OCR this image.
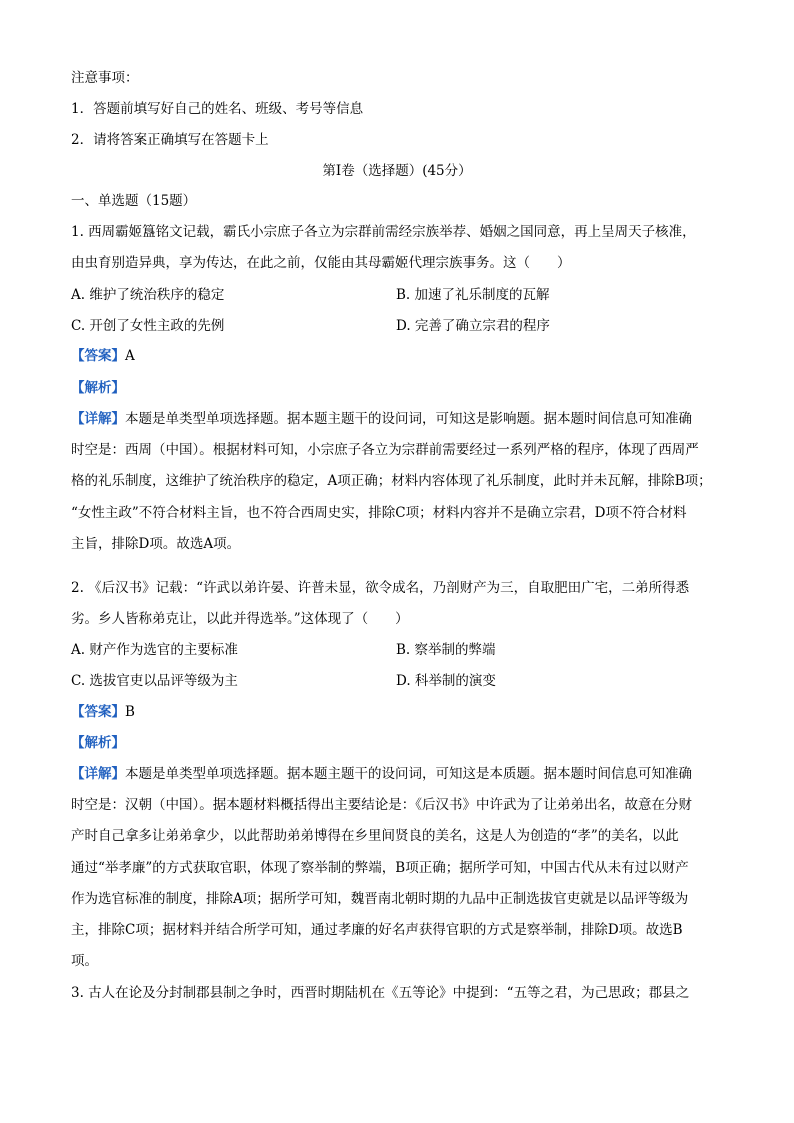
注意事项：
1．答题前填写好自己的姓名、班级、考号等信息
2．请将答案正确填写在答题卡上
第I卷（选择题）(45分）
一、单选题（15题）
1. 西周霸姬簋铭文记载，霸氏小宗庶子各立为宗群前需经宗族举荐、婚姻之国同意，再上呈周天子核准，
由虫育别造异典，享为传达，在此之前，仅能由其母霸姬代理宗族事务。这（　　）
A. 维护了统治秩序的稳定	B. 加速了礼乐制度的瓦解
C. 开创了女性主政的先例	D. 完善了确立宗君的程序
【答案】A
【解析】
【详解】本题是单类型单项选择题。据本题主题干的设问词，可知这是影响题。据本题时间信息可知准确
时空是：西周（中国）。根据材料可知，小宗庶子各立为宗群前需要经过一系列严格的程序，体现了西周严
格的礼乐制度，这维护了统治秩序的稳定，A项正确；材料内容体现了礼乐制度，此时并未瓦解，排除B项；
“女性主政”不符合材料主旨，也不符合西周史实，排除C项；材料内容并不是确立宗君，D项不符合材料
主旨，排除D项。故选A项。
2. 《后汉书》记载：“许武以弟许晏、许普未显，欲令成名，乃剖财产为三，自取肥田广宅，二弟所得悉
劣。乡人皆称弟克让，以此并得选举。”这体现了（　　）
A. 财产作为选官的主要标准	B. 察举制的弊端
C. 选拔官吏以品评等级为主	D. 科举制的演变
【答案】B
【解析】
【详解】本题是单类型单项选择题。据本题主题干的设问词，可知这是本质题。据本题时间信息可知准确
时空是：汉朝（中国）。据本题材料概括得出主要结论是：《后汉书》中许武为了让弟弟出名，故意在分财
产时自己拿多让弟弟拿少，以此帮助弟弟博得在乡里间贤良的美名，这是人为创造的“孝”的美名，以此
通过“举孝廉”的方式获取官职，体现了察举制的弊端，B项正确；据所学可知，中国古代从未有过以财产
作为选官标准的制度，排除A项；据所学可知，魏晋南北朝时期的九品中正制选拔官吏就是以品评等级为
主，排除C项；据材料并结合所学可知，通过孝廉的好名声获得官职的方式是察举制，排除D项。故选B
项。
3. 古人在论及分封制郡县制之争时，西晋时期陆机在《五等论》中提到：“五等之君，为己思政；郡县之
